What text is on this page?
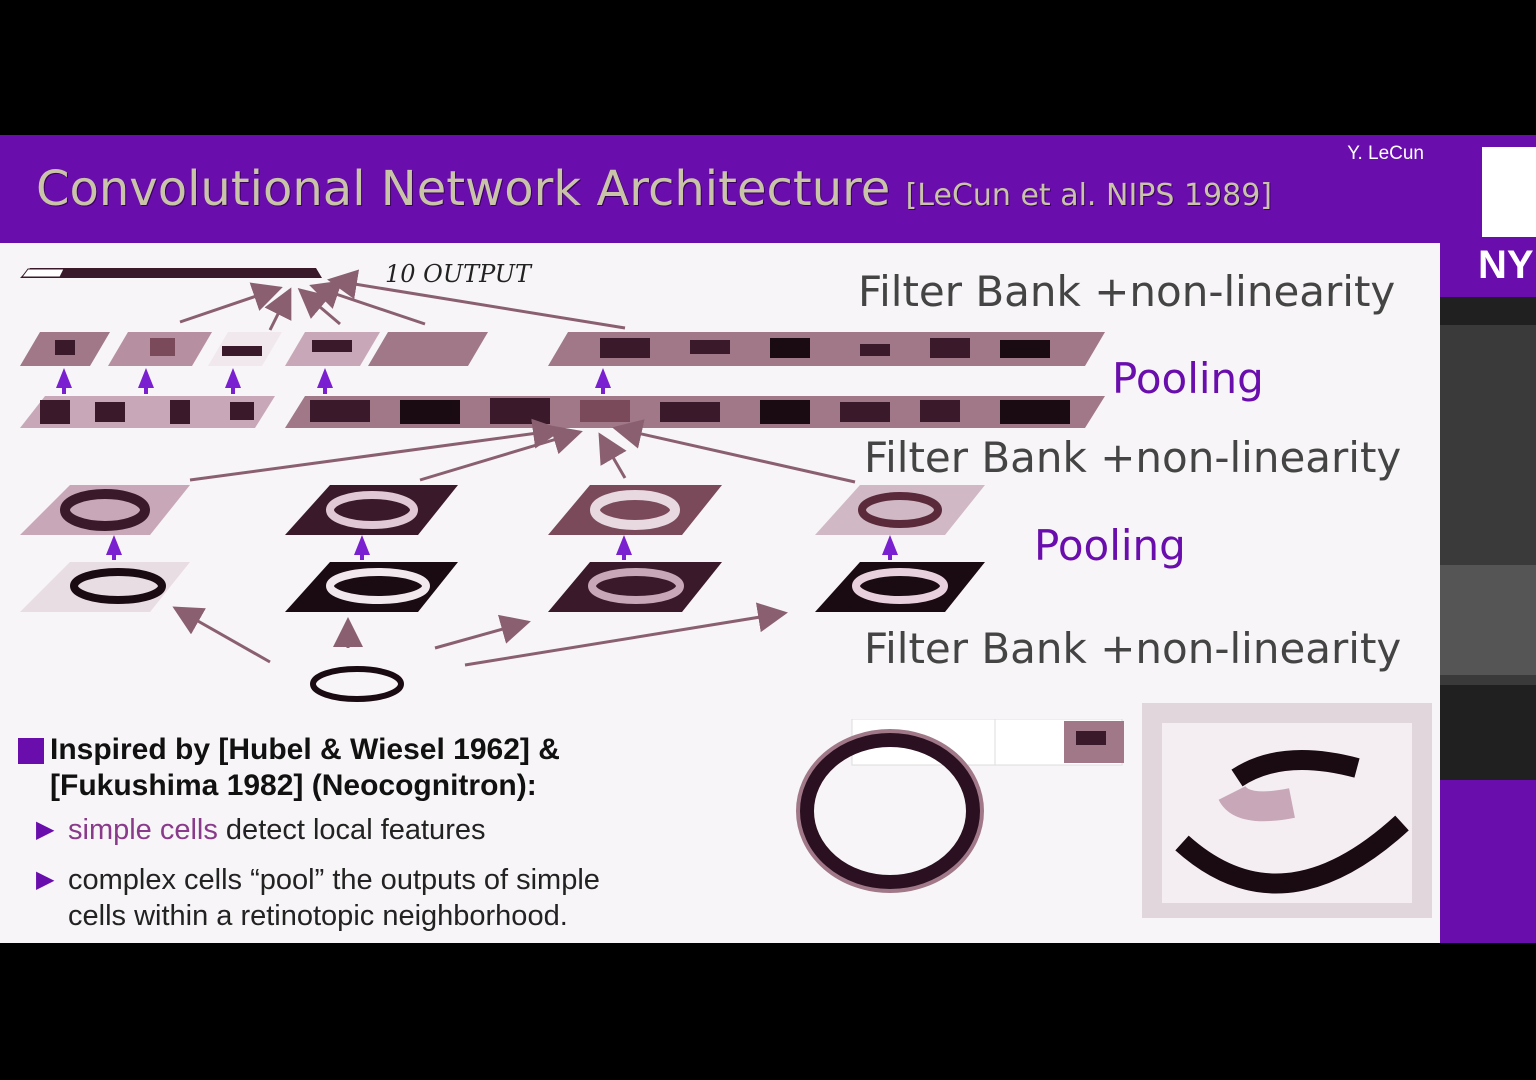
Convolutional Network Architecture [LeCun et al. NIPS 1989]
Y. LeCun
10 OUTPUT	Filter Bank +non-linearity
Pooling
Filter Bank +non-linearity
Pooling
Filter Bank +non-linearity
Inspired by [Hubel & Wiesel 1962] &
[Fukushima 1982] (Neocognitron):
▶ simple cells detect local features
▶ complex cells “pool” the outputs of simple
cells within a retinotopic neighborhood.
NY
